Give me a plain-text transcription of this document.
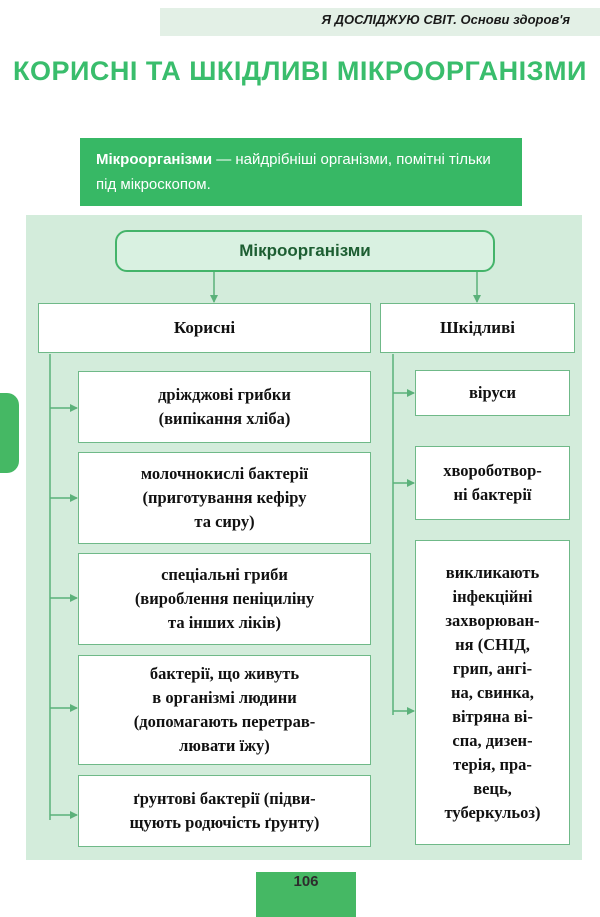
Я ДОСЛІДЖУЮ СВІТ. Основи здоров'я
КОРИСНІ ТА ШКІДЛИВІ МІКРООРГАНІЗМИ
Мікроорганізми — найдрібніші організми, помітні тільки під мікроскопом.
Мікроорганізми
Корисні	Шкідливі
дріжджові грибки
(випікання хліба)
молочнокислі бактерії
(приготування кефіру
та сиру)
спеціальні гриби
(вироблення пеніциліну
та інших ліків)
бактерії, що живуть
в організмі людини
(допомагають перетрав-
лювати їжу)
ґрунтові бактерії (підви-
щують родючість ґрунту)
віруси
хвороботвор-
ні бактерії
викликають
інфекційні
захворюван-
ня (СНІД,
грип, ангі-
на, свинка,
вітряна ві-
спа, дизен-
терія, пра-
вець,
туберкульоз)
106
